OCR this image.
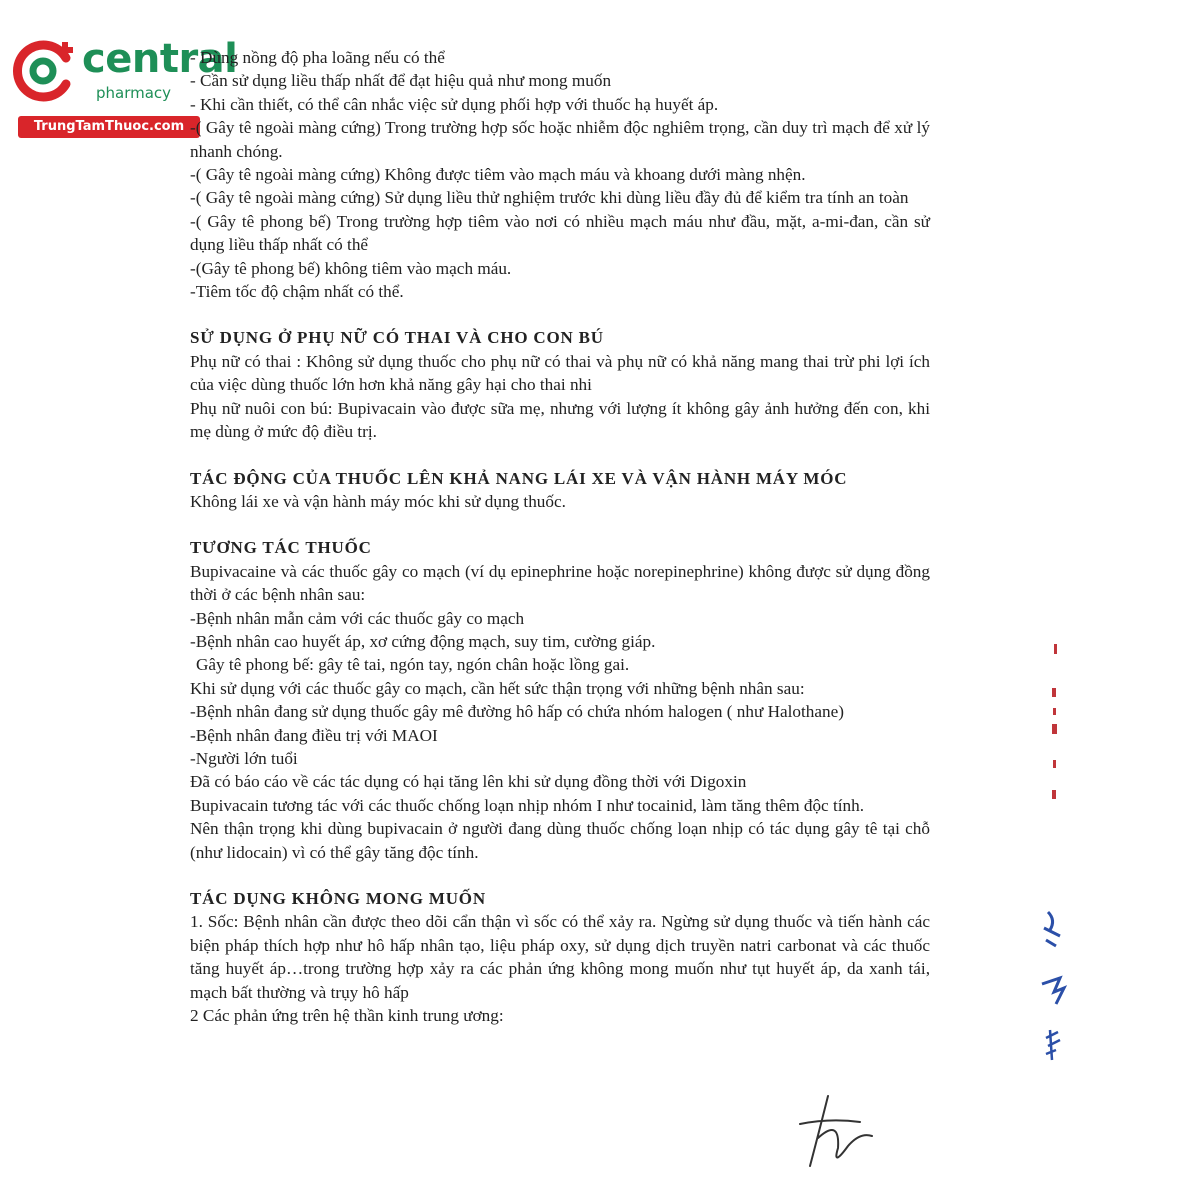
central
pharmacy
TrungTamThuoc.com

- Dùng nồng độ pha loãng nếu có thể

- Cần sử dụng liều thấp nhất để đạt hiệu quả như mong muốn

- Khi cần thiết, có thể cân nhắc việc sử dụng phối hợp với thuốc hạ huyết áp.

-( Gây tê ngoài màng cứng) Trong trường hợp sốc hoặc nhiễm độc nghiêm trọng, cần duy trì mạch để xử lý nhanh chóng.

-( Gây tê ngoài màng cứng) Không được tiêm vào mạch máu và khoang dưới màng nhện.

-( Gây tê ngoài màng cứng) Sử dụng liều thử nghiệm trước khi dùng liều đầy đủ để kiểm tra tính an toàn

-( Gây tê phong bế) Trong trường hợp tiêm vào nơi có nhiều mạch máu như đầu, mặt, a-mi-đan, cần sử dụng liều thấp nhất có thể

-(Gây tê phong bế) không tiêm vào mạch máu.

-Tiêm tốc độ chậm nhất có thể.

SỬ DỤNG Ở PHỤ NỮ CÓ THAI VÀ CHO CON BÚ

Phụ nữ có thai : Không sử dụng thuốc cho phụ nữ có thai và phụ nữ có khả năng mang thai trừ phi lợi ích của việc dùng thuốc lớn hơn khả năng gây hại cho thai nhi

Phụ nữ nuôi con bú: Bupivacain vào được sữa mẹ, nhưng với lượng ít không gây ảnh hưởng đến con, khi mẹ dùng ở mức độ điều trị.

TÁC ĐỘNG CỦA THUỐC LÊN KHẢ NANG LÁI XE VÀ VẬN HÀNH MÁY MÓC

Không lái xe và vận hành máy móc khi sử dụng thuốc.

TƯƠNG TÁC THUỐC

Bupivacaine và các thuốc gây co mạch (ví dụ epinephrine hoặc norepinephrine) không được sử dụng đồng thời ở các bệnh nhân sau:

-Bệnh nhân mẫn cảm với các thuốc gây co mạch

-Bệnh nhân cao huyết áp, xơ cứng động mạch, suy tim, cường giáp.

Gây tê phong bế: gây tê tai, ngón tay, ngón chân hoặc lồng gai.

Khi sử dụng với các thuốc gây co mạch, cần hết sức thận trọng với những bệnh nhân sau:

-Bệnh nhân đang sử dụng thuốc gây mê đường hô hấp có chứa nhóm halogen ( như Halothane)

-Bệnh nhân đang điều trị với MAOI

-Người lớn tuổi

Đã có báo cáo về các tác dụng có hại tăng lên khi sử dụng đồng thời với Digoxin

Bupivacain tương tác với các thuốc chống loạn nhịp nhóm I như tocainid, làm tăng thêm độc tính.

Nên thận trọng khi dùng bupivacain ở người đang dùng thuốc chống loạn nhịp có tác dụng gây tê tại chỗ (như lidocain) vì có thể gây tăng độc tính.

TÁC DỤNG KHÔNG MONG MUỐN

1. Sốc: Bệnh nhân cần được theo dõi cẩn thận vì sốc có thể xảy ra. Ngừng sử dụng thuốc và tiến hành các biện pháp thích hợp như hô hấp nhân tạo, liệu pháp oxy, sử dụng dịch truyền natri carbonat và các thuốc tăng huyết áp…trong trường hợp xảy ra các phản ứng không mong muốn như tụt huyết áp, da xanh tái, mạch bất thường và trụy hô hấp

2 Các phản ứng trên hệ thần kinh trung ương:
